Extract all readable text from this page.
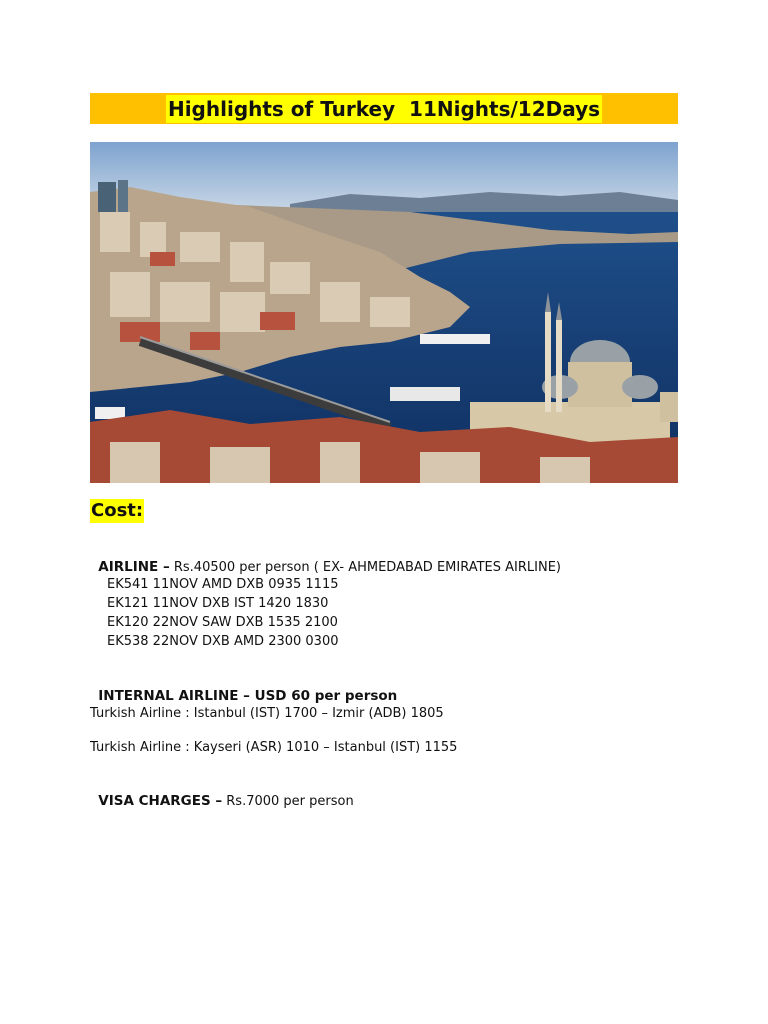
Highlights of Turkey  11Nights/12Days
Cost:

AIRLINE – Rs.40500 per person ( EX- AHMEDABAD EMIRATES AIRLINE)

EK541 11NOV AMD DXB 0935 1115
EK121 11NOV DXB IST 1420 1830
EK120 22NOV SAW DXB 1535 2100
EK538 22NOV DXB AMD 2300 0300

INTERNAL AIRLINE – USD 60 per person

Turkish Airline : Istanbul (IST) 1700 – Izmir (ADB) 1805
Turkish Airline : Kayseri (ASR) 1010 – Istanbul (IST) 1155

VISA CHARGES – Rs.7000 per person
